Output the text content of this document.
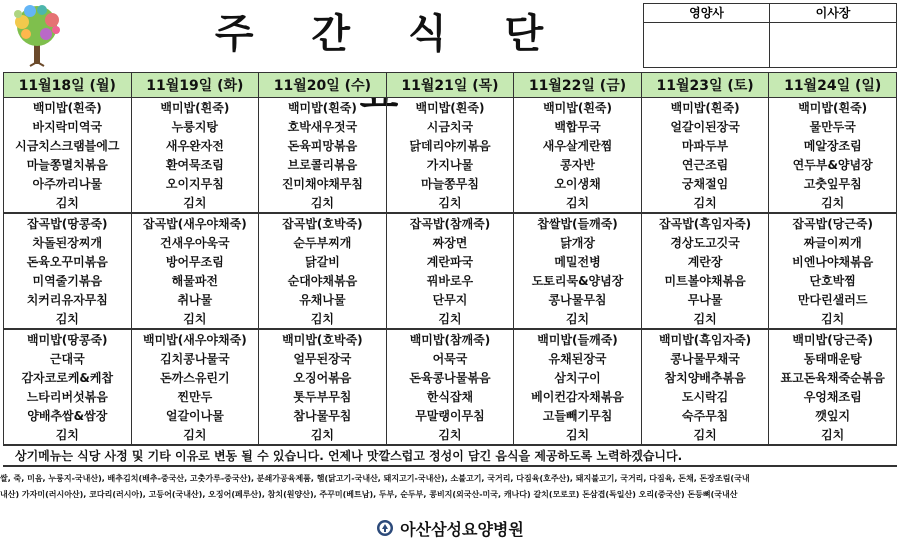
주 간 식 단	영양사	이사장
11월18일 (월)	11월19일 (화)	11월20일 (수)	11월21일 (목)	11월22일 (금)	11월23일 (토)	11월24일 (일)
백미밥(흰죽)	백미밥(흰죽)	백미밥(흰죽)	백미밥(흰죽)	백미밥(흰죽)	백미밥(흰죽)	백미밥(흰죽)
바지락미역국	누룽지탕	호박새우젓국	시금치국	백합무국	얼갈이된장국	물만두국
시금치스크램블에그	새우완자전	돈육피망볶음	닭데리야끼볶음	새우살게란찜	마파두부	메알장조림
마늘쫑멸치볶음	환여묵조림	브로콜리볶음	가지나물	콩자반	연근조림	연두부&양념장
아주까리나물	오이지무침	진미채야채무침	마늘쫑무침	오이생채	궁채절임	고춧잎무침
김치	김치	김치	김치	김치	김치	김치
잡곡밥(땅콩죽)	잡곡밥(새우야채죽)	잡곡밥(호박죽)	잡곡밥(참깨죽)	찹쌀밥(들깨죽)	잡곡밥(흑임자죽)	잡곡밥(당근죽)
차돌된장찌개	건새우아욱국	순두부찌개	짜장면	닭개장	경상도고깃국	짜글이찌개
돈육오꾸미볶음	방어무조림	닭갈비	계란파국	메밀전병	계란장	비엔나야채볶음
미역줄기볶음	해물파전	순대야채볶음	꿔바로우	도토리묵&양념장	미트볼야채볶음	단호박찜
치커리유자무침	취나물	유채나물	단무지	콩나물무침	무나물	만다린샐러드
김치	김치	김치	김치	김치	김치	김치
백미밥(땅콩죽)	백미밥(새우야채죽)	백미밥(호박죽)	백미밥(참깨죽)	백미밥(들깨죽)	백미밥(흑임자죽)	백미밥(당근죽)
근대국	김치콩나물국	얼무된장국	어묵국	유채된장국	콩나물무채국	동태매운탕
감자코로케&케찹	돈까스유린기	오징어볶음	돈육콩나물볶음	삼치구이	참치양배추볶음	표고돈육채죽순볶음
느타리버섯볶음	찐만두	톳두부무침	한식잡채	베이컨감자채볶음	도시락김	우엉채조림
양배추쌈&쌈장	얼갈이나물	참나물무침	무말랭이무침	고들빼기무침	숙주무침	깻잎지
김치	김치	김치	김치	김치	김치	김치
상기메뉴는 식당 사정 및 기타 이유로 변동 될 수 있습니다. 언제나 맛깔스럽고 정성이 담긴 음식을 제공하도록 노력하겠습니다.
쌀, 죽, 미음, 누룽지-국내산), 배추김치(배추-중국산, 고춧가루-중국산), 분쇄가공육제품, 햄(닭고기-국내산, 돼지고기-국내산), 소불고기, 국거리, 다짐육(호주산), 돼지불고기, 국거리, 다짐육, 돈채, 돈장조림(국내
내산) 가자미(러시아산), 코다리(러시아), 고등어(국내산), 오징어(페루산), 참치(원양산), 주꾸미(베트남), 두부, 순두부, 콩비지(외국산-미국, 캐나다) 갈치(모로코) 돈삼겹(독일산) 오리(중국산) 돈등뼈(국내산
아산삼성요양병원
